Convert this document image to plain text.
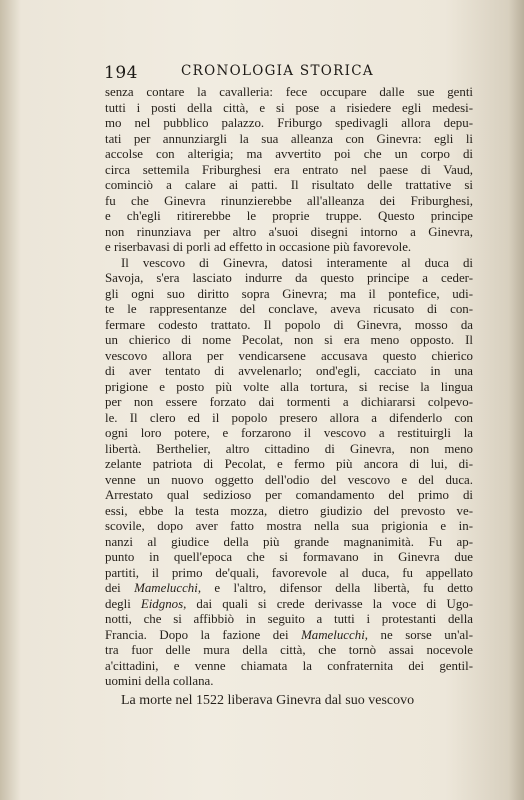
194	CRONOLOGIA STORICA
senza contare la cavalleria: fece occupare dalle sue genti
tutti i posti della città, e si pose a risiedere egli medesi-
mo nel pubblico palazzo. Friburgo spedivagli allora depu-
tati per annunziargli la sua alleanza con Ginevra: egli li
accolse con alterigia; ma avvertito poi che un corpo di
circa settemila Friburghesi era entrato nel paese di Vaud,
cominciò a calare ai patti. Il risultato delle trattative si
fu che Ginevra rinunzierebbe all'alleanza dei Friburghesi,
e ch'egli ritirerebbe le proprie truppe. Questo principe
non rinunziava per altro a'suoi disegni intorno a Ginevra,
e riserbavasi di porli ad effetto in occasione più favorevole.
Il vescovo di Ginevra, datosi interamente al duca di
Savoja, s'era lasciato indurre da questo principe a ceder-
gli ogni suo diritto sopra Ginevra; ma il pontefice, udi-
te le rappresentanze del conclave, aveva ricusato di con-
fermare codesto trattato. Il popolo di Ginevra, mosso da
un chierico di nome Pecolat, non si era meno opposto. Il
vescovo allora per vendicarsene accusava questo chierico
di aver tentato di avvelenarlo; ond'egli, cacciato in una
prigione e posto più volte alla tortura, si recise la lingua
per non essere forzato dai tormenti a dichiararsi colpevo-
le. Il clero ed il popolo presero allora a difenderlo con
ogni loro potere, e forzarono il vescovo a restituirgli la
libertà. Berthelier, altro cittadino di Ginevra, non meno
zelante patriota di Pecolat, e fermo più ancora di lui, di-
venne un nuovo oggetto dell'odio del vescovo e del duca.
Arrestato qual sedizioso per comandamento del primo di
essi, ebbe la testa mozza, dietro giudizio del prevosto ve-
scovile, dopo aver fatto mostra nella sua prigionia e in-
nanzi al giudice della più grande magnanimità. Fu ap-
punto in quell'epoca che si formavano in Ginevra due
partiti, il primo de'quali, favorevole al duca, fu appellato
dei Mamelucchi, e l'altro, difensor della libertà, fu detto
degli Eidgnos, dai quali si crede derivasse la voce di Ugo-
notti, che si affibbiò in seguito a tutti i protestanti della
Francia. Dopo la fazione dei Mamelucchi, ne sorse un'al-
tra fuor delle mura della città, che tornò assai nocevole
a'cittadini, e venne chiamata la confraternita dei gentil-
uomini della collana.
La morte nel 1522 liberava Ginevra dal suo vescovo
